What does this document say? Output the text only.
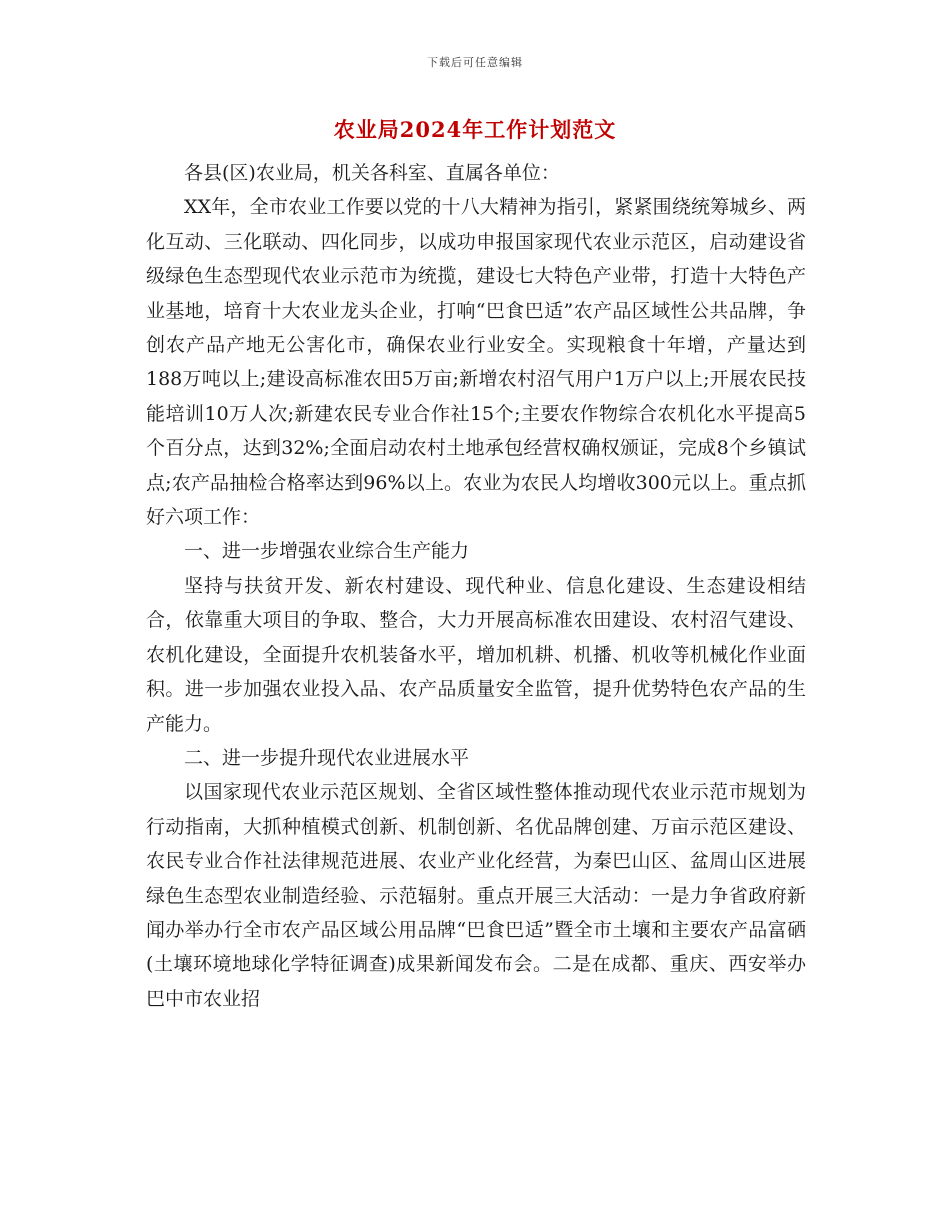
下载后可任意编辑
农业局2024年工作计划范文

各县(区)农业局，机关各科室、直属各单位：

XX年，全市农业工作要以党的十八大精神为指引，紧紧围绕统筹城乡、两化互动、三化联动、四化同步，以成功申报国家现代农业示范区，启动建设省级绿色生态型现代农业示范市为统揽，建设七大特色产业带，打造十大特色产业基地，培育十大农业龙头企业，打响“巴食巴适”农产品区域性公共品牌，争创农产品产地无公害化市，确保农业行业安全。实现粮食十年增，产量达到188万吨以上;建设高标准农田5万亩;新增农村沼气用户1万户以上;开展农民技能培训10万人次;新建农民专业合作社15个;主要农作物综合农机化水平提高5个百分点，达到32%;全面启动农村土地承包经营权确权颁证，完成8个乡镇试点;农产品抽检合格率达到96%以上。农业为农民人均增收300元以上。重点抓好六项工作：

一、进一步增强农业综合生产能力

坚持与扶贫开发、新农村建设、现代种业、信息化建设、生态建设相结合，依靠重大项目的争取、整合，大力开展高标准农田建设、农村沼气建设、农机化建设，全面提升农机装备水平，增加机耕、机播、机收等机械化作业面积。进一步加强农业投入品、农产品质量安全监管，提升优势特色农产品的生产能力。

二、进一步提升现代农业进展水平

以国家现代农业示范区规划、全省区域性整体推动现代农业示范市规划为行动指南，大抓种植模式创新、机制创新、名优品牌创建、万亩示范区建设、农民专业合作社法律规范进展、农业产业化经营，为秦巴山区、盆周山区进展绿色生态型农业制造经验、示范辐射。重点开展三大活动：一是力争省政府新闻办举办行全市农产品区域公用品牌“巴食巴适”暨全市土壤和主要农产品富硒(土壤环境地球化学特征调查)成果新闻发布会。二是在成都、重庆、西安举办巴中市农业招
